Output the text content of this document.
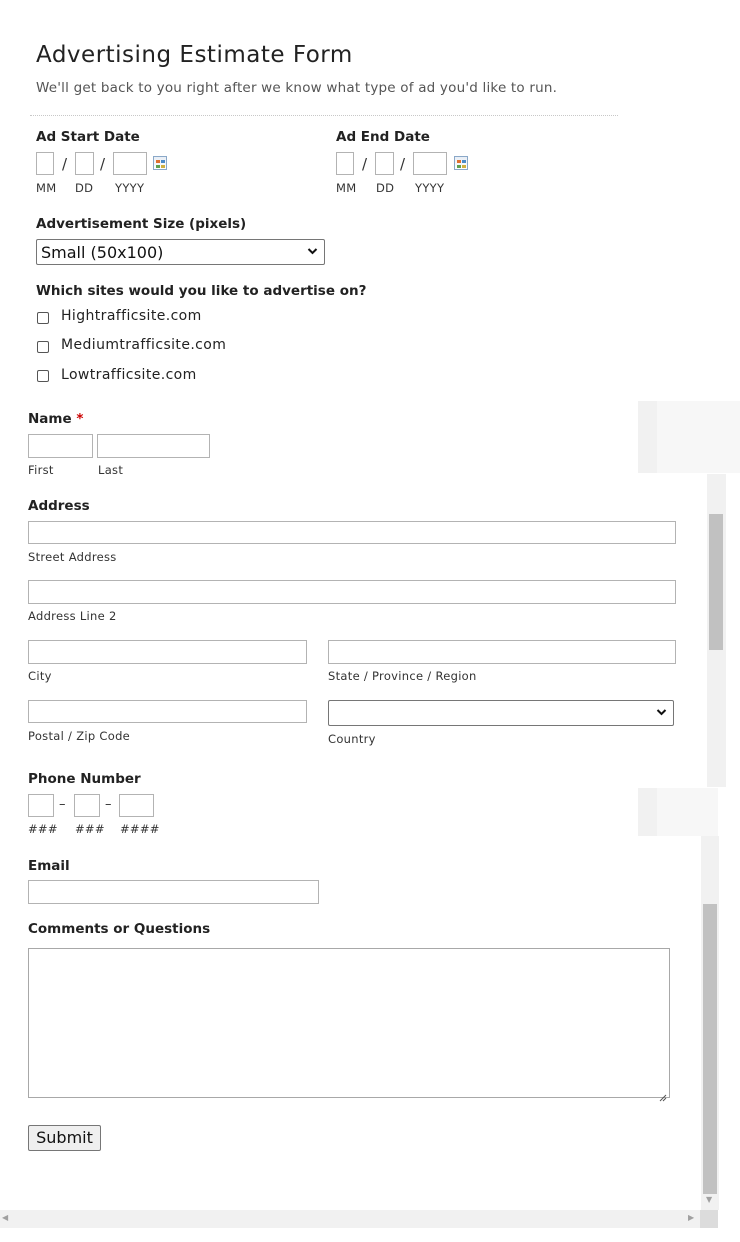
Advertising Estimate Form
We'll get back to you right after we know what type of ad you'd like to run.
Ad Start Date
/ /
MM DD YYYY
Ad End Date
/ /
MM DD YYYY
Advertisement Size (pixels)
Small (50x100)
Which sites would you like to advertise on?
Hightrafficsite.com
Mediumtrafficsite.com
Lowtrafficsite.com
▼
Name *
First	Last
Address
Street Address
Address Line 2
City	State / Province / Region
Postal / Zip Code	Country
Phone Number
–	–
### ### ####
Email
Comments or Questions
Submit
◀	▶
